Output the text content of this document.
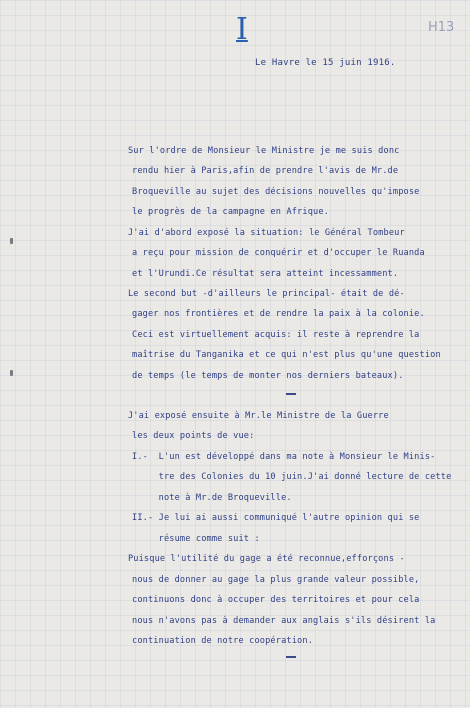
I	H13
Le Havre le 15 juin 1916.
Sur l'ordre de Monsieur le Ministre je me suis donc
rendu hier à Paris,afin de prendre l'avis de Mr.de
Broqueville au sujet des décisions nouvelles qu'impose
le progrès de la campagne en Afrique.
J'ai d'abord exposé la situation: le Général Tombeur
a reçu pour mission de conquérir et d'occuper le Ruanda
et l'Urundi.Ce résultat sera atteint incessamment.
Le second but -d'ailleurs le principal- était de dé-
gager nos frontières et de rendre la paix à la colonie.
Ceci est virtuellement acquis: il reste à reprendre la
maîtrise du Tanganika et ce qui n'est plus qu'une question
de temps (le temps de monter nos derniers bateaux).
J'ai exposé ensuite à Mr.le Ministre de la Guerre
les deux points de vue:
I.-  L'un est développé dans ma note à Monsieur le Minis-
tre des Colonies du 10 juin.J'ai donné lecture de cette
note à Mr.de Broqueville.
II.- Je lui ai aussi communiqué l'autre opinion qui se
résume comme suit :
Puisque l'utilité du gage a été reconnue,efforçons -
nous de donner au gage la plus grande valeur possible,
continuons donc à occuper des territoires et pour cela
nous n'avons pas à demander aux anglais s'ils désirent la
continuation de notre coopération.
